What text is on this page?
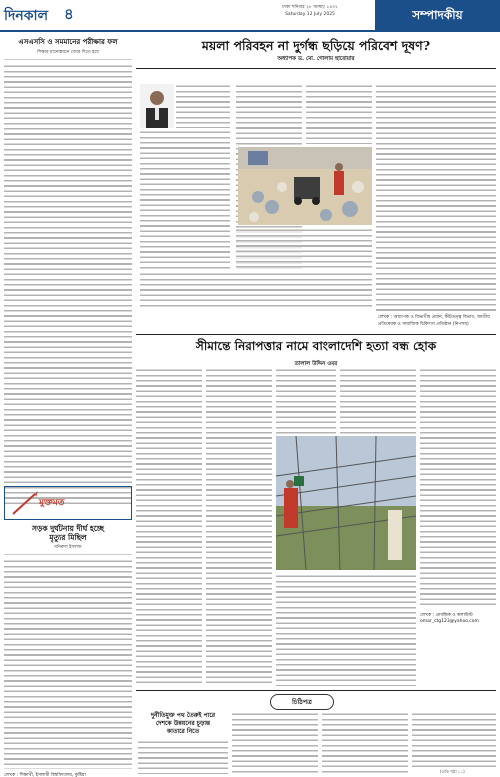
দিনকাল ৪	ঢাকা শনিবার ২৮ আষাঢ় ১৪৩২
Saturday 12 July 2025	সম্পাদকীয়
এসএসসি ও সমমানের পরীক্ষার ফল
শিক্ষার মানোন্নয়নে জোর দিতে হবে
মুক্তমত
সড়ক দুর্ঘটনায় দীর্ঘ হচ্ছে
মৃত্যুর মিছিল
মনিরুল ইসলাম
লেখক : শিক্ষার্থী, ইসলামী বিশ্ববিদ্যালয়, কুষ্টিয়া
ময়লা পরিবহন না দুর্গন্ধ ছড়িয়ে পরিবেশ দূষণ?
অধ্যাপক ড. মো. গোলাম ছারোয়ার
লেখক : অধ্যাপক ও বিভাগীয় প্রধান, কীটতত্ত্ব বিভাগ, জাতীয় প্রতিষেধক ও সামাজিক চিকিৎসা প্রতিষ্ঠান (নিপসম)
সীমান্তে নিরাপত্তার নামে বাংলাদেশি হত্যা বন্ধ হোক
তালাল উদ্দিন ওমর
লেখক : প্রাবন্ধিক ও কলামিস্ট
omar_ctg123@yahoo.com
চিঠিপত্র
দুর্নীতিমুক্ত পথ তৈরুই পারে
দেশকে উন্নয়নের চূড়ান্ত
কাতারে নিতে
(বাকি পৃষ্ঠা ১১)
